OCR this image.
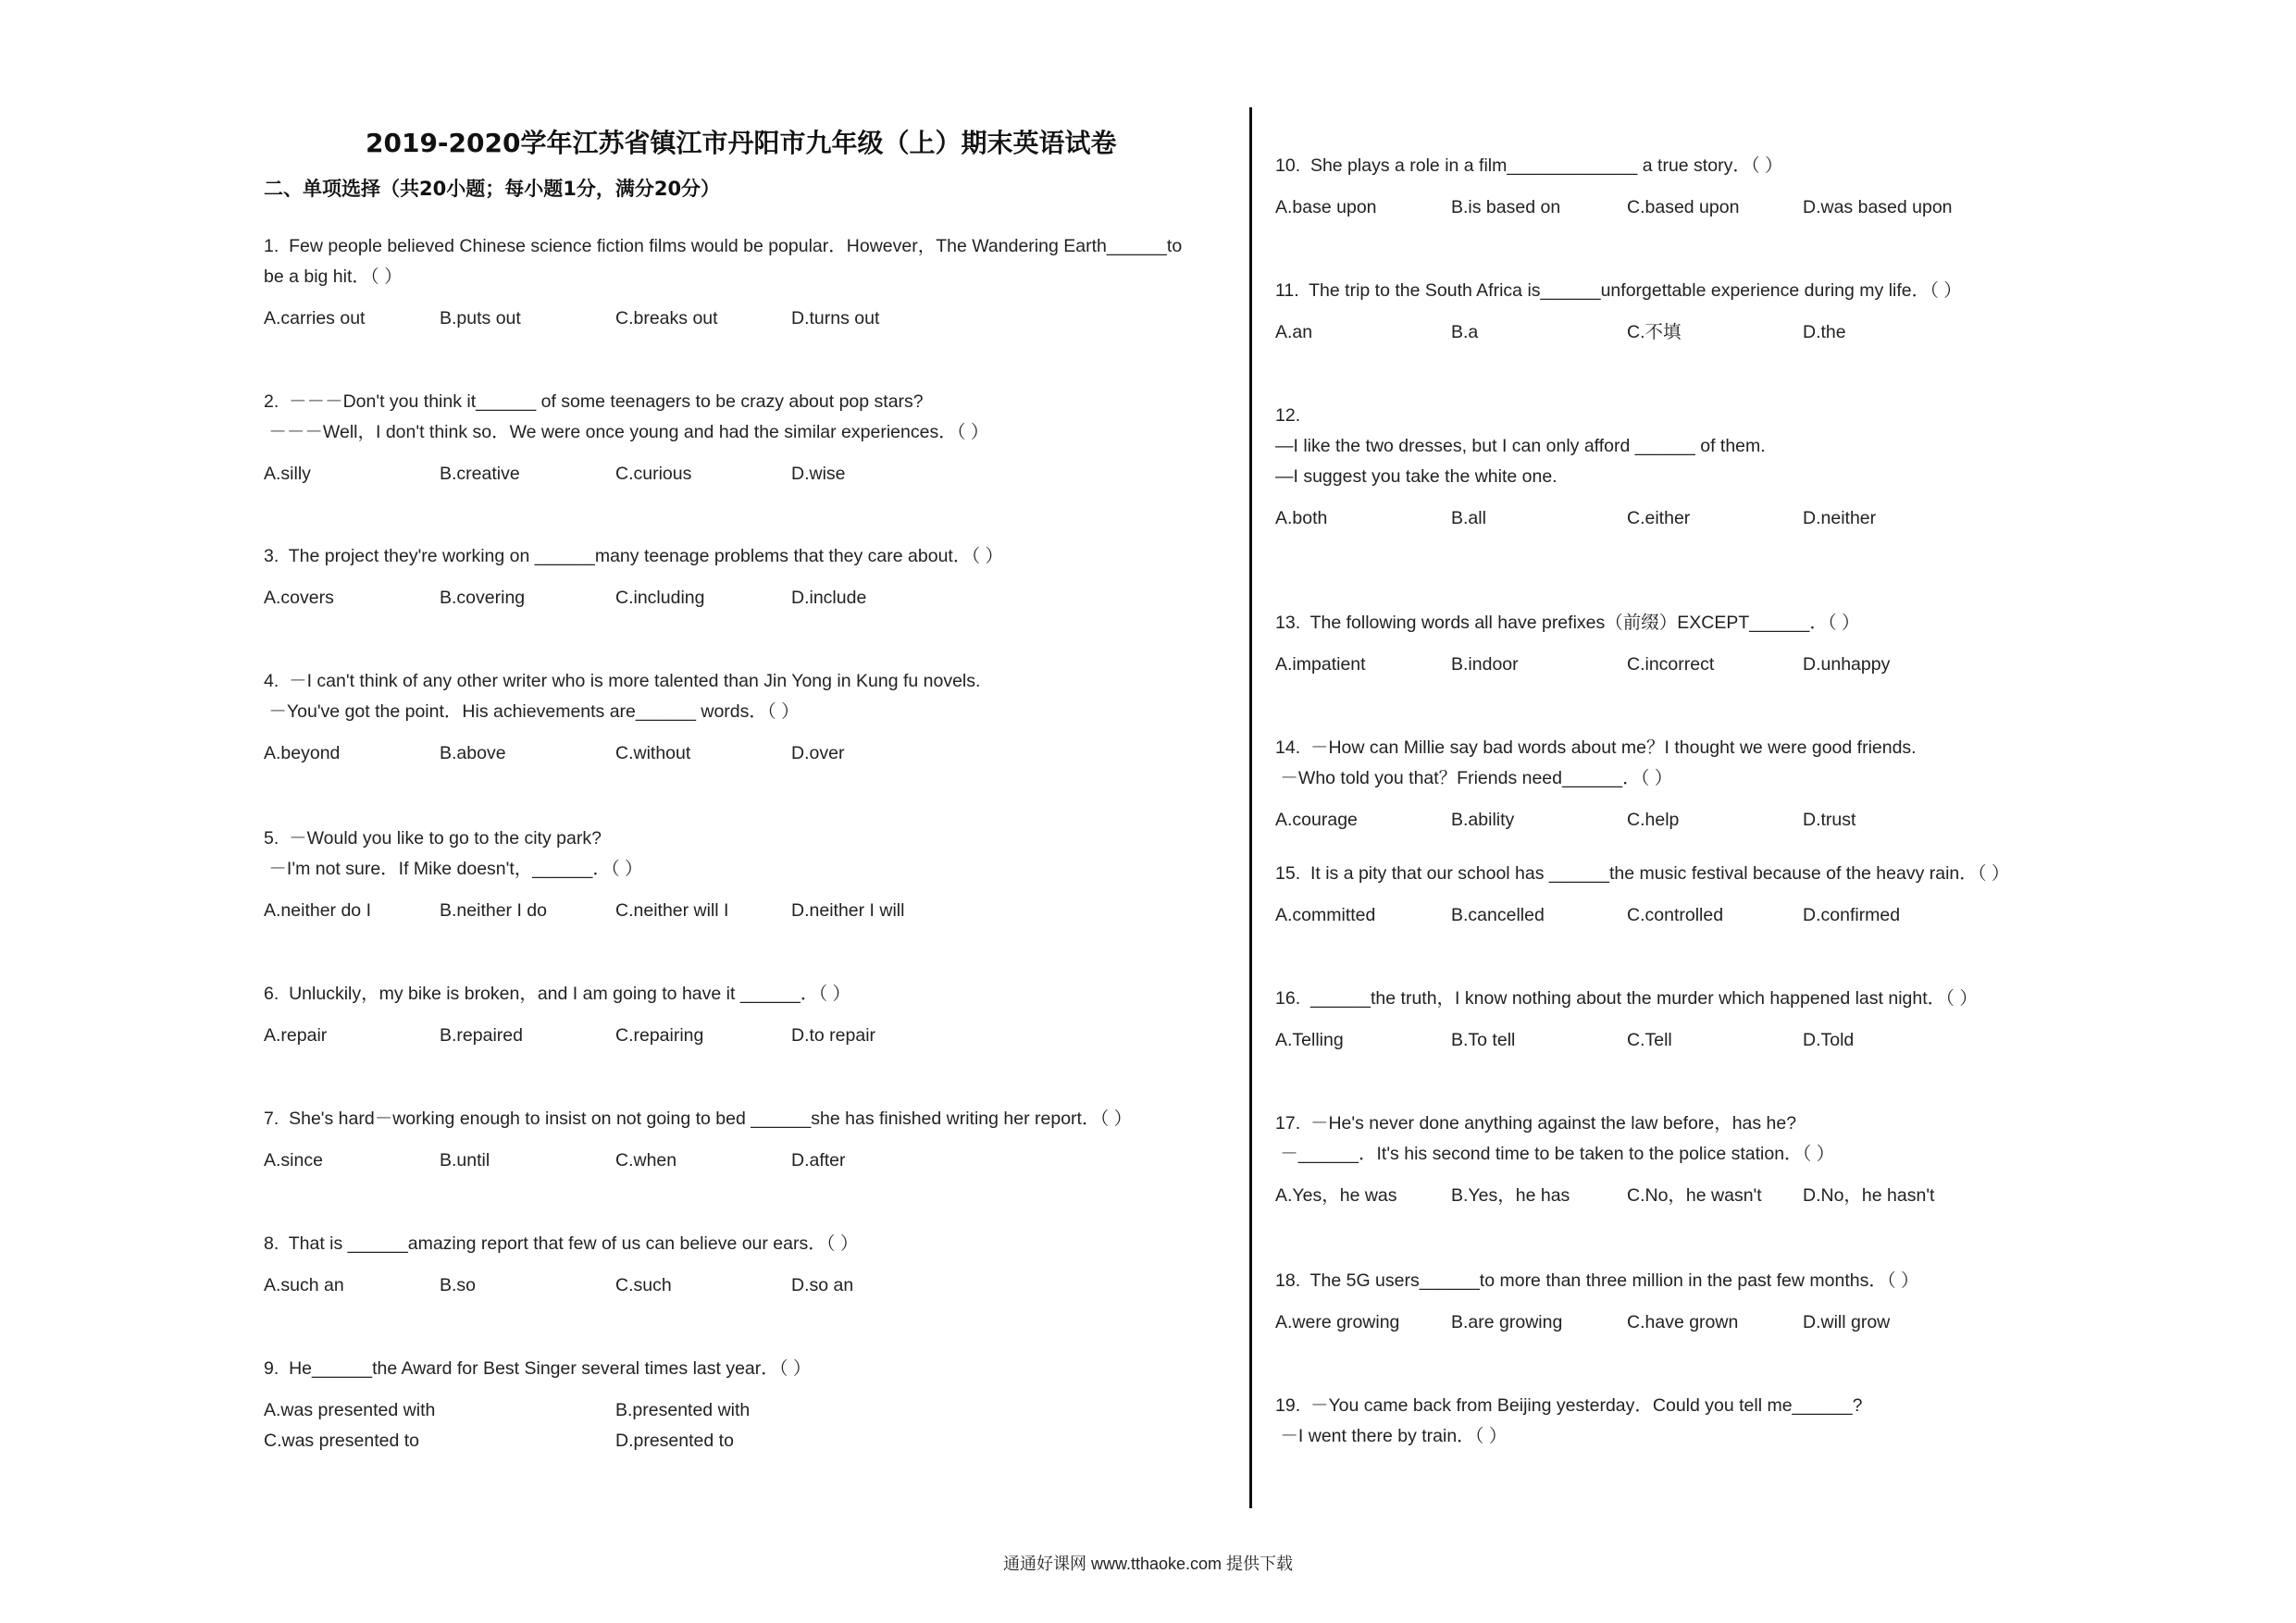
2019-2020学年江苏省镇江市丹阳市九年级（上）期末英语试卷
二、单项选择（共20小题；每小题1分，满分20分）
1.  Few people believed Chinese science fiction films would be popular．However，The Wandering Earth______to
be a big hit．（ ）
A.carries out	B.puts out	C.breaks out	D.turns out
2.  －－－Don't you think it______ of some teenagers to be crazy about pop stars?
－－－Well，I don't think so．We were once young and had the similar experiences．（ ）
A.silly	B.creative	C.curious	D.wise
3.  The project they're working on ______many teenage problems that they care about．（ ）
A.covers	B.covering	C.including	D.include
4.  －I can't think of any other writer who is more talented than Jin Yong in Kung fu novels.
－You've got the point．His achievements are______ words．（ ）
A.beyond	B.above	C.without	D.over
5.  －Would you like to go to the city park?
－I'm not sure．If Mike doesn't，______．（ ）
A.neither do I	B.neither I do	C.neither will I	D.neither I will
6.  Unluckily，my bike is broken，and I am going to have it ______．（ ）
A.repair	B.repaired	C.repairing	D.to repair
7.  She's hard－working enough to insist on not going to bed ______she has finished writing her report．（ ）
A.since	B.until	C.when	D.after
8.  That is ______amazing report that few of us can believe our ears．（ ）
A.such an	B.so	C.such	D.so an
9.  He______the Award for Best Singer several times last year．（ ）
A.was presented with	B.presented with
C.was presented to	D.presented to
10.  She plays a role in a film_____________ a true story．（ ）
A.base upon	B.is based on	C.based upon	D.was based upon
11.  The trip to the South Africa is______unforgettable experience during my life．（ ）
A.an	B.a	C.不填	D.the
12.
—I like the two dresses, but I can only afford ______ of them.
—I suggest you take the white one.
A.both	B.all	C.either	D.neither
13.  The following words all have prefixes（前缀）EXCEPT______．（ ）
A.impatient	B.indoor	C.incorrect	D.unhappy
14.  －How can Millie say bad words about me？I thought we were good friends.
－Who told you that？Friends need______．（ ）
A.courage	B.ability	C.help	D.trust
15.  It is a pity that our school has ______the music festival because of the heavy rain．（ ）
A.committed	B.cancelled	C.controlled	D.confirmed
16.  ______the truth，I know nothing about the murder which happened last night．（ ）
A.Telling	B.To tell	C.Tell	D.Told
17.  －He's never done anything against the law before，has he?
－______．It's his second time to be taken to the police station．（ ）
A.Yes，he was	B.Yes，he has	C.No，he wasn't	D.No，he hasn't
18.  The 5G users______to more than three million in the past few months．（ ）
A.were growing	B.are growing	C.have grown	D.will grow
19.  －You came back from Beijing yesterday．Could you tell me______?
－I went there by train．（ ）
通通好课网 www.tthaoke.com 提供下载
